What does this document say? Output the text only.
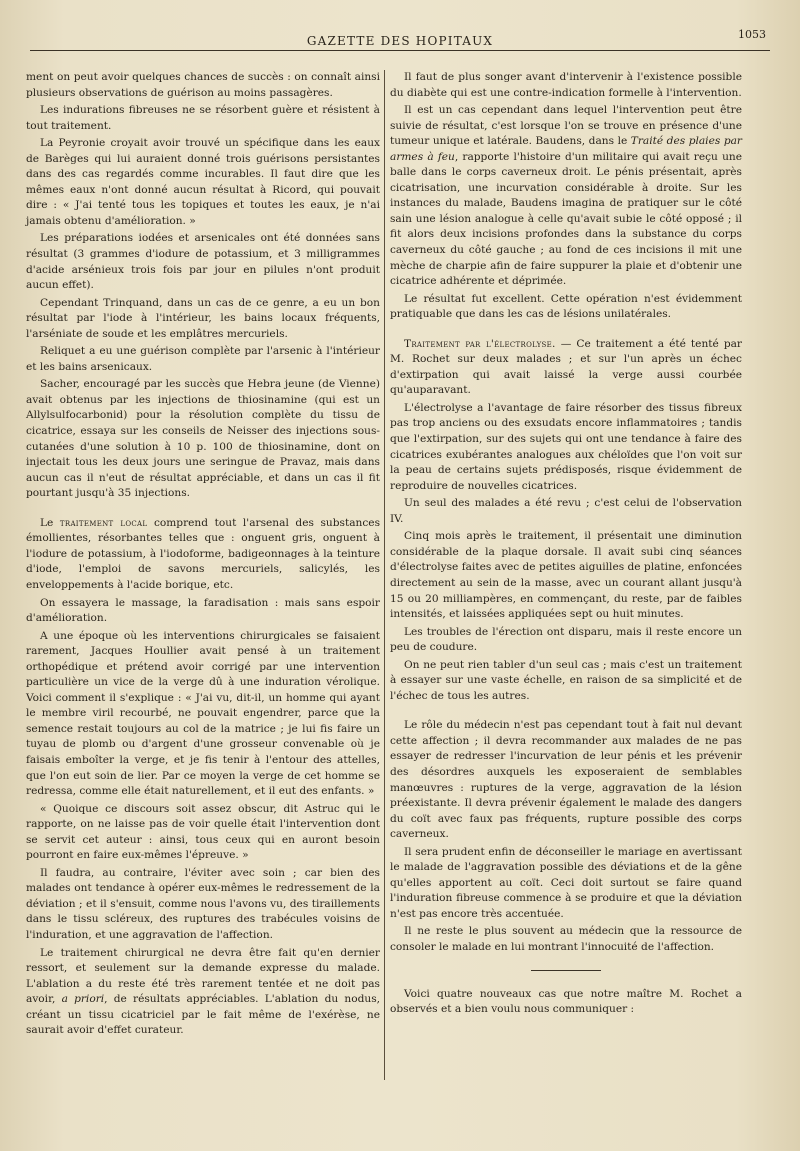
GAZETTE DES HOPITAUX	1053

ment on peut avoir quelques chances de succès : on connaît ainsi plusieurs observations de guérison au moins passagères.

Les indurations fibreuses ne se résorbent guère et résistent à tout traitement.

La Peyronie croyait avoir trouvé un spécifique dans les eaux de Barèges qui lui auraient donné trois guérisons persistantes dans des cas regardés comme incurables. Il faut dire que les mêmes eaux n'ont donné aucun résultat à Ricord, qui pouvait dire : « J'ai tenté tous les topiques et toutes les eaux, je n'ai jamais obtenu d'amélioration. »

Les préparations iodées et arsenicales ont été données sans résultat (3 grammes d'iodure de potassium, et 3 milligrammes d'acide arsénieux trois fois par jour en pilules n'ont produit aucun effet).

Cependant Trinquand, dans un cas de ce genre, a eu un bon résultat par l'iode à l'intérieur, les bains locaux fréquents, l'arséniate de soude et les emplâtres mercuriels.

Reliquet a eu une guérison complète par l'arsenic à l'intérieur et les bains arsenicaux.

Sacher, encouragé par les succès que Hebra jeune (de Vienne) avait obtenus par les injections de thiosinamine (qui est un Allylsulfocarbonid) pour la résolution complète du tissu de cicatrice, essaya sur les conseils de Neisser des injections sous-cutanées d'une solution à 10 p. 100 de thiosinamine, dont on injectait tous les deux jours une seringue de Pravaz, mais dans aucun cas il n'eut de résultat appréciable, et dans un cas il fit pourtant jusqu'à 35 injections.

Le traitement local comprend tout l'arsenal des substances émollientes, résorbantes telles que : onguent gris, onguent à l'iodure de potassium, à l'iodoforme, badigeonnages à la teinture d'iode, l'emploi de savons mercuriels, salicylés, les enveloppements à l'acide borique, etc.

On essayera le massage, la faradisation : mais sans espoir d'amélioration.

A une époque où les interventions chirurgicales se faisaient rarement, Jacques Houllier avait pensé à un traitement orthopédique et prétend avoir corrigé par une intervention particulière un vice de la verge dû à une induration vérolique. Voici comment il s'explique : « J'ai vu, dit-il, un homme qui ayant le membre viril recourbé, ne pouvait engendrer, parce que la semence restait toujours au col de la matrice ; je lui fis faire un tuyau de plomb ou d'argent d'une grosseur convenable où je faisais emboîter la verge, et je fis tenir à l'entour des attelles, que l'on eut soin de lier. Par ce moyen la verge de cet homme se redressa, comme elle était naturellement, et il eut des enfants. »

« Quoique ce discours soit assez obscur, dit Astruc qui le rapporte, on ne laisse pas de voir quelle était l'intervention dont se servit cet auteur : ainsi, tous ceux qui en auront besoin pourront en faire eux-mêmes l'épreuve. »

Il faudra, au contraire, l'éviter avec soin ; car bien des malades ont tendance à opérer eux-mêmes le redressement de la déviation ; et il s'ensuit, comme nous l'avons vu, des tiraillements dans le tissu scléreux, des ruptures des trabécules voisins de l'induration, et une aggravation de l'affection.

Le traitement chirurgical ne devra être fait qu'en dernier ressort, et seulement sur la demande expresse du malade. L'ablation a du reste été très rarement tentée et ne doit pas avoir, a priori, de résultats appréciables. L'ablation du nodus, créant un tissu cicatriciel par le fait même de l'exérèse, ne saurait avoir d'effet curateur.

Il faut de plus songer avant d'intervenir à l'existence possible du diabète qui est une contre-indication formelle à l'intervention.

Il est un cas cependant dans lequel l'intervention peut être suivie de résultat, c'est lorsque l'on se trouve en présence d'une tumeur unique et latérale. Baudens, dans le Traité des plaies par armes à feu, rapporte l'histoire d'un militaire qui avait reçu une balle dans le corps caverneux droit. Le pénis présentait, après cicatrisation, une incurvation considérable à droite. Sur les instances du malade, Baudens imagina de pratiquer sur le côté sain une lésion analogue à celle qu'avait subie le côté opposé ; il fit alors deux incisions profondes dans la substance du corps caverneux du côté gauche ; au fond de ces incisions il mit une mèche de charpie afin de faire suppurer la plaie et d'obtenir une cicatrice adhérente et déprimée.

Le résultat fut excellent. Cette opération n'est évidemment pratiquable que dans les cas de lésions unilatérales.

Traitement par l'électrolyse. — Ce traitement a été tenté par M. Rochet sur deux malades ; et sur l'un après un échec d'extirpation qui avait laissé la verge aussi courbée qu'auparavant.

L'électrolyse a l'avantage de faire résorber des tissus fibreux pas trop anciens ou des exsudats encore inflammatoires ; tandis que l'extirpation, sur des sujets qui ont une tendance à faire des cicatrices exubérantes analogues aux chéloïdes que l'on voit sur la peau de certains sujets prédisposés, risque évidemment de reproduire de nouvelles cicatrices.

Un seul des malades a été revu ; c'est celui de l'observation IV.

Cinq mois après le traitement, il présentait une diminution considérable de la plaque dorsale. Il avait subi cinq séances d'électrolyse faites avec de petites aiguilles de platine, enfoncées directement au sein de la masse, avec un courant allant jusqu'à 15 ou 20 milliampères, en commençant, du reste, par de faibles intensités, et laissées appliquées sept ou huit minutes.

Les troubles de l'érection ont disparu, mais il reste encore un peu de coudure.

On ne peut rien tabler d'un seul cas ; mais c'est un traitement à essayer sur une vaste échelle, en raison de sa simplicité et de l'échec de tous les autres.

Le rôle du médecin n'est pas cependant tout à fait nul devant cette affection ; il devra recommander aux malades de ne pas essayer de redresser l'incurvation de leur pénis et les prévenir des désordres auxquels les exposeraient de semblables manœuvres : ruptures de la verge, aggravation de la lésion préexistante. Il devra prévenir également le malade des dangers du coït avec faux pas fréquents, rupture possible des corps caverneux.

Il sera prudent enfin de déconseiller le mariage en avertissant le malade de l'aggravation possible des déviations et de la gêne qu'elles apportent au coït. Ceci doit surtout se faire quand l'induration fibreuse commence à se produire et que la déviation n'est pas encore très accentuée.

Il ne reste le plus souvent au médecin que la ressource de consoler le malade en lui montrant l'innocuité de l'affection.

Voici quatre nouveaux cas que notre maître M. Rochet a observés et a bien voulu nous communiquer :
